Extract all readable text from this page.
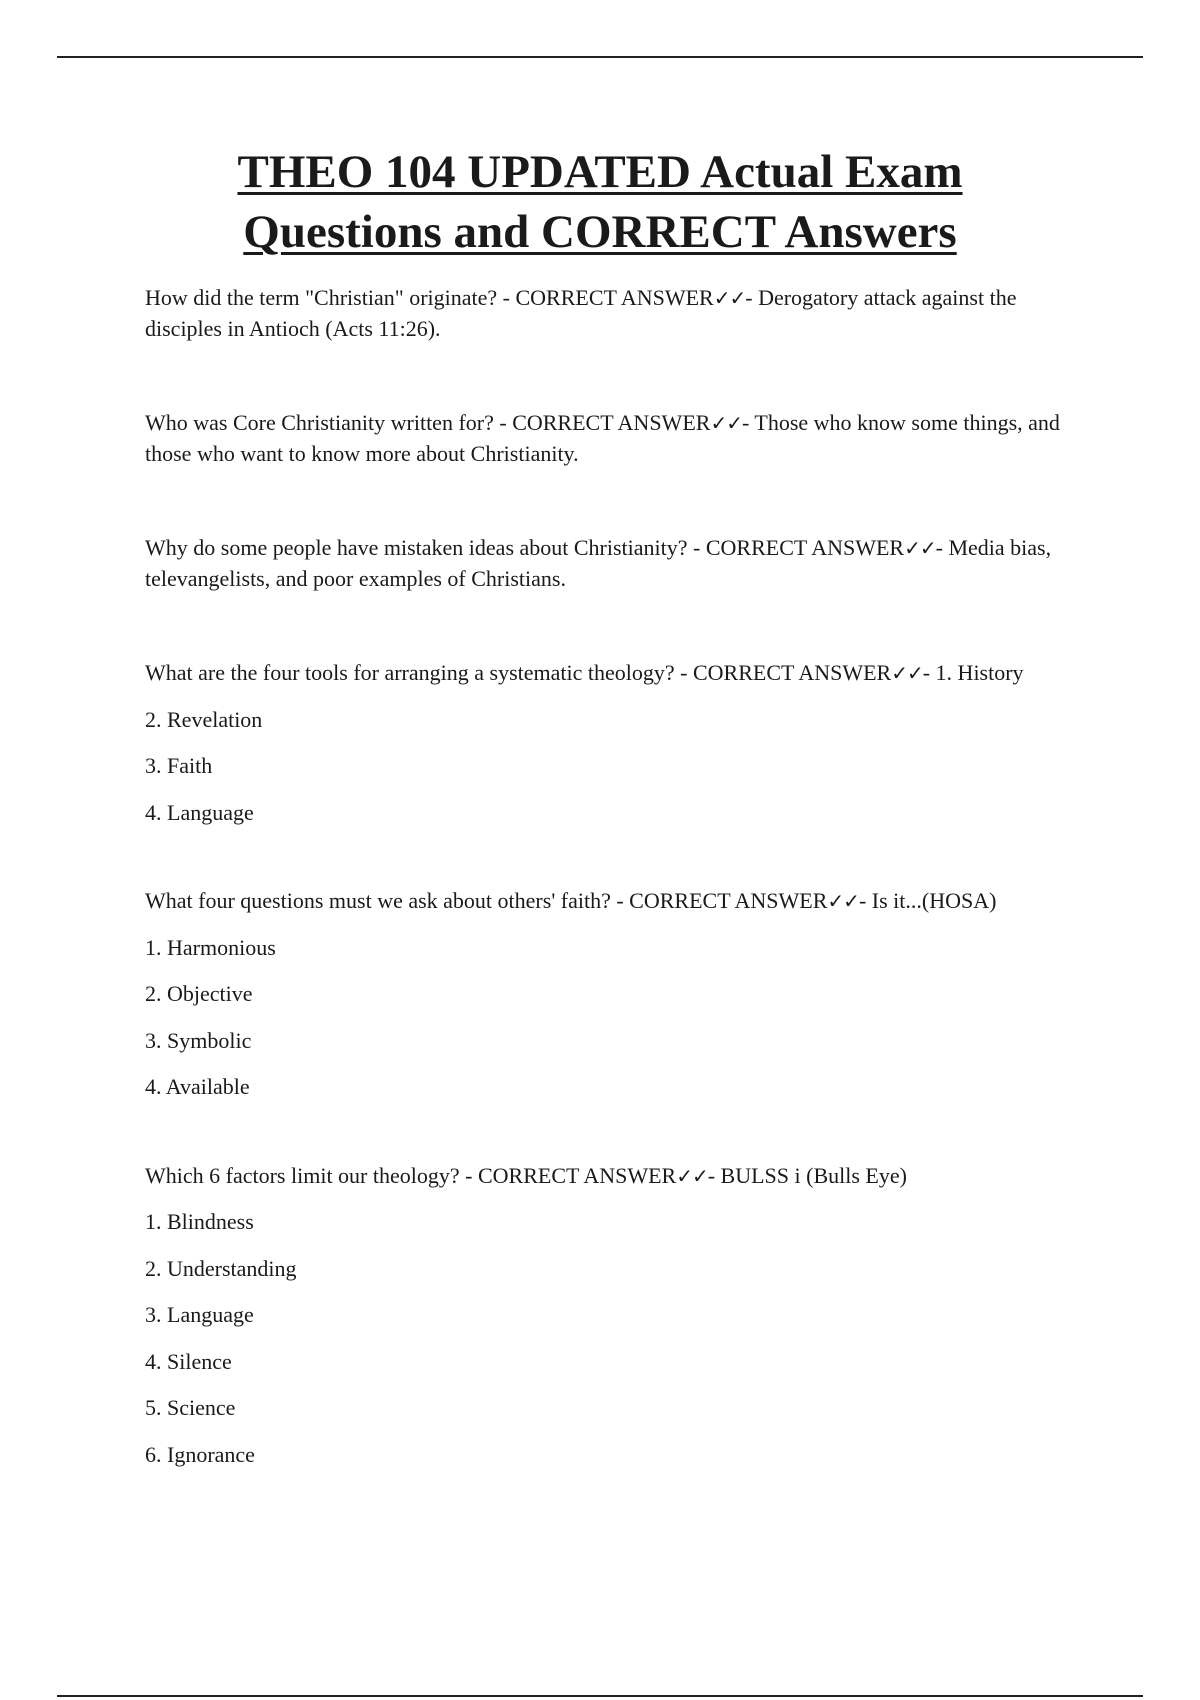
THEO 104 UPDATED Actual Exam
Questions and CORRECT Answers

How did the term "Christian" originate? - CORRECT ANSWER✓✓- Derogatory attack against the disciples in Antioch (Acts 11:26).

Who was Core Christianity written for? - CORRECT ANSWER✓✓- Those who know some things, and those who want to know more about Christianity.

Why do some people have mistaken ideas about Christianity? - CORRECT ANSWER✓✓- Media bias, televangelists, and poor examples of Christians.

What are the four tools for arranging a systematic theology? - CORRECT ANSWER✓✓- 1. History

2. Revelation

3. Faith

4. Language

What four questions must we ask about others' faith? - CORRECT ANSWER✓✓- Is it...(HOSA)

1. Harmonious

2. Objective

3. Symbolic

4. Available

Which 6 factors limit our theology? - CORRECT ANSWER✓✓- BULSS i (Bulls Eye)

1. Blindness

2. Understanding

3. Language

4. Silence

5. Science

6. Ignorance
